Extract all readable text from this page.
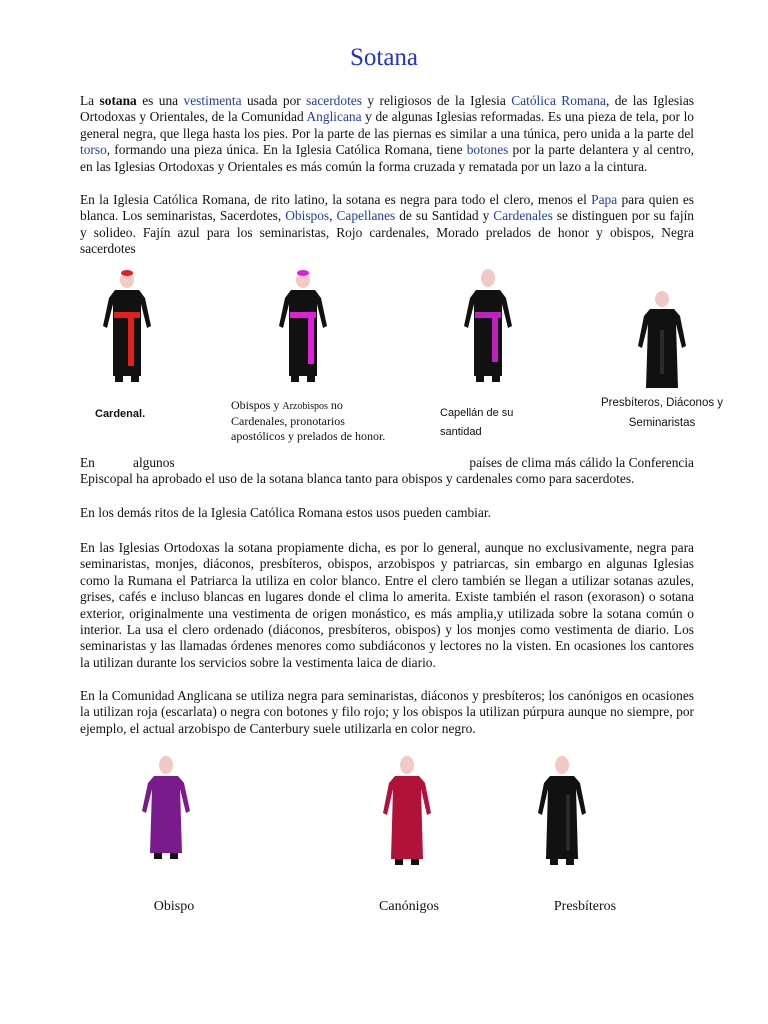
Sotana

La sotana es una vestimenta usada por sacerdotes y religiosos de la Iglesia Católica Romana, de las Iglesias Ortodoxas y Orientales, de la Comunidad Anglicana y de algunas Iglesias reformadas. Es una pieza de tela, por lo general negra, que llega hasta los pies. Por la parte de las piernas es similar a una túnica, pero unida a la parte del torso, formando una pieza única. En la Iglesia Católica Romana, tiene botones por la parte delantera y al centro, en las Iglesias Ortodoxas y Orientales es más común la forma cruzada y rematada por un lazo a la cintura.

En la Iglesia Católica Romana, de rito latino, la sotana es negra para todo el clero, menos el Papa para quien es blanca. Los seminaristas, Sacerdotes, Obispos, Capellanes de su Santidad y Cardenales se distinguen por su fajín y solideo. Fajín azul para los seminaristas, Rojo cardenales, Morado prelados de honor y obispos, Negra sacerdotes

Cardenal.
Obispos y Arzobispos no Cardenales, pronotarios apostólicos y prelados de honor.
Capellán de su santidad
Presbíteros, Diáconos y Seminaristas
En	algunos	países de clima más cálido la Conferencia
Episcopal ha aprobado el uso de la sotana blanca tanto para obispos y cardenales como para sacerdotes.

En los demás ritos de la Iglesia Católica Romana estos usos pueden cambiar.

En las Iglesias Ortodoxas la sotana propiamente dicha, es por lo general, aunque no exclusivamente, negra para seminaristas, monjes, diáconos, presbíteros, obispos, arzobispos y patriarcas, sin embargo en algunas Iglesias como la Rumana el Patriarca la utiliza en color blanco. Entre el clero también se llegan a utilizar sotanas azules, grises, cafés e incluso blancas en lugares donde el clima lo amerita. Existe también el rason (exorason) o sotana exterior, originalmente una vestimenta de origen monástico, es más amplia,y utilizada sobre la sotana común o interior. La usa el clero ordenado (diáconos, presbíteros, obispos) y los monjes como vestimenta de diario. Los seminaristas y las llamadas órdenes menores como subdiáconos y lectores no la visten. En ocasiones los cantores la utilizan durante los servicios sobre la vestimenta laica de diario.

En la Comunidad Anglicana se utiliza negra para seminaristas, diáconos y presbíteros; los canónigos en ocasiones la utilizan roja (escarlata) o negra con botones y filo rojo; y los obispos la utilizan púrpura aunque no siempre, por ejemplo, el actual arzobispo de Canterbury suele utilizarla en color negro.

Obispo	Canónigos	Presbíteros
